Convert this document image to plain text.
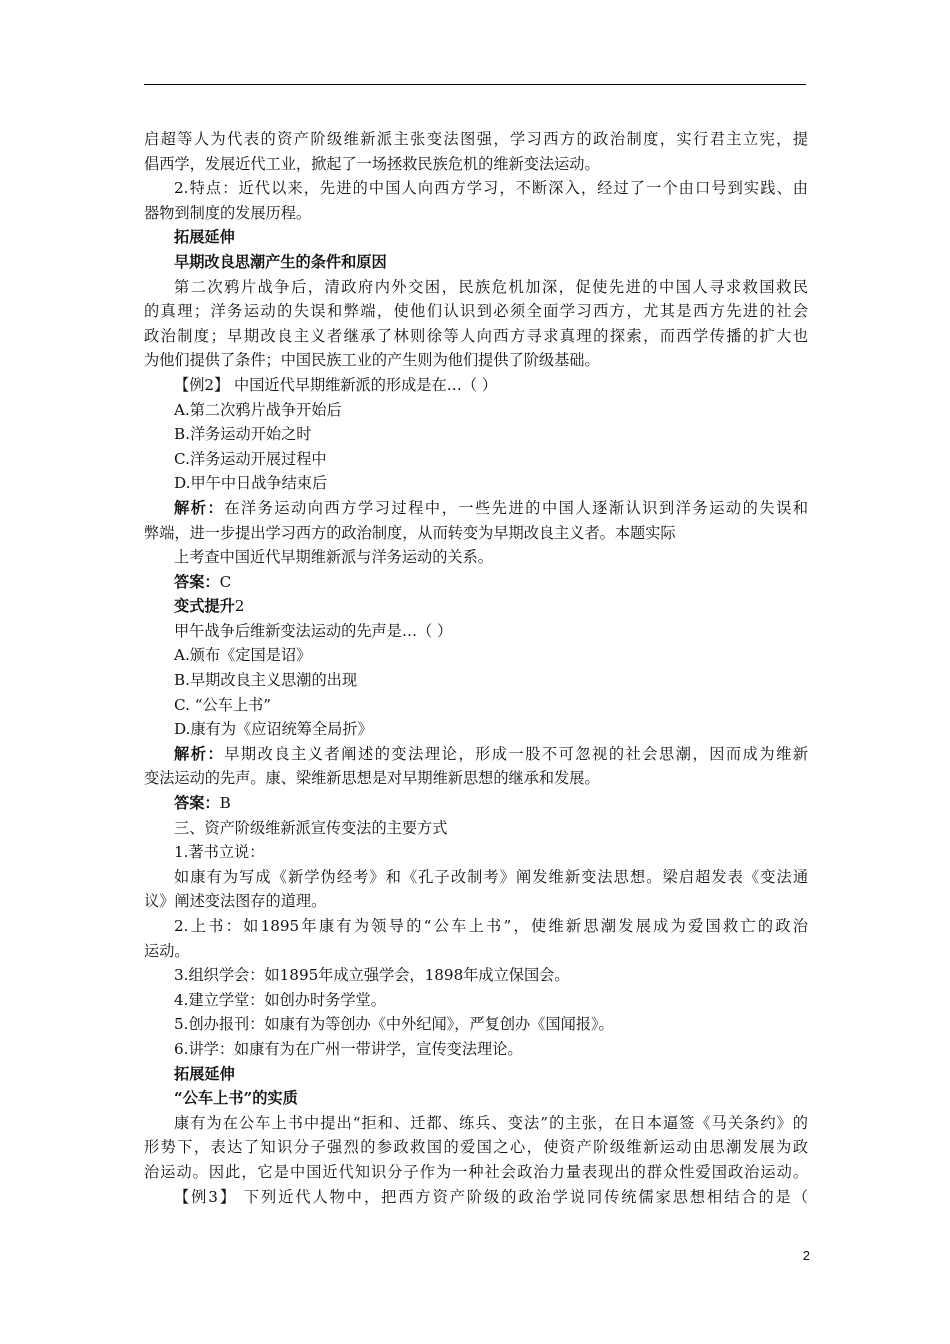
启超等人为代表的资产阶级维新派主张变法图强，学习西方的政治制度，实行君主立宪，提
倡西学，发展近代工业，掀起了一场拯救民族危机的维新变法运动。
2.特点：近代以来，先进的中国人向西方学习，不断深入，经过了一个由口号到实践、由
器物到制度的发展历程。
拓展延伸
早期改良思潮产生的条件和原因
第二次鸦片战争后，清政府内外交困，民族危机加深，促使先进的中国人寻求救国救民
的真理；洋务运动的失误和弊端，使他们认识到必须全面学习西方，尤其是西方先进的社会
政治制度；早期改良主义者继承了林则徐等人向西方寻求真理的探索，而西学传播的扩大也
为他们提供了条件；中国民族工业的产生则为他们提供了阶级基础。
【例2】 中国近代早期维新派的形成是在…（ ）
A.第二次鸦片战争开始后
B.洋务运动开始之时
C.洋务运动开展过程中
D.甲午中日战争结束后
解析：在洋务运动向西方学习过程中，一些先进的中国人逐渐认识到洋务运动的失误和
弊端，进一步提出学习西方的政治制度，从而转变为早期改良主义者。本题实际
上考查中国近代早期维新派与洋务运动的关系。
答案：C
变式提升2
甲午战争后维新变法运动的先声是…（ ）
A.颁布《定国是诏》
B.早期改良主义思潮的出现
C. “公车上书”
D.康有为《应诏统筹全局折》
解析：早期改良主义者阐述的变法理论，形成一股不可忽视的社会思潮，因而成为维新
变法运动的先声。康、梁维新思想是对早期维新思想的继承和发展。
答案：B
三、资产阶级维新派宣传变法的主要方式
1.著书立说：
如康有为写成《新学伪经考》和《孔子改制考》阐发维新变法思想。梁启超发表《变法通
议》阐述变法图存的道理。
2.上书：如1895年康有为领导的“公车上书”，使维新思潮发展成为爱国救亡的政治
运动。
3.组织学会：如1895年成立强学会，1898年成立保国会。
4.建立学堂：如创办时务学堂。
5.创办报刊：如康有为等创办《中外纪闻》，严复创办《国闻报》。
6.讲学：如康有为在广州一带讲学，宣传变法理论。
拓展延伸
“公车上书”的实质
康有为在公车上书中提出“拒和、迁都、练兵、变法”的主张，在日本逼签《马关条约》的
形势下，表达了知识分子强烈的参政救国的爱国之心，使资产阶级维新运动由思潮发展为政
治运动。因此，它是中国近代知识分子作为一种社会政治力量表现出的群众性爱国政治运动。
【例3】 下列近代人物中，把西方资产阶级的政治学说同传统儒家思想相结合的是（
2
